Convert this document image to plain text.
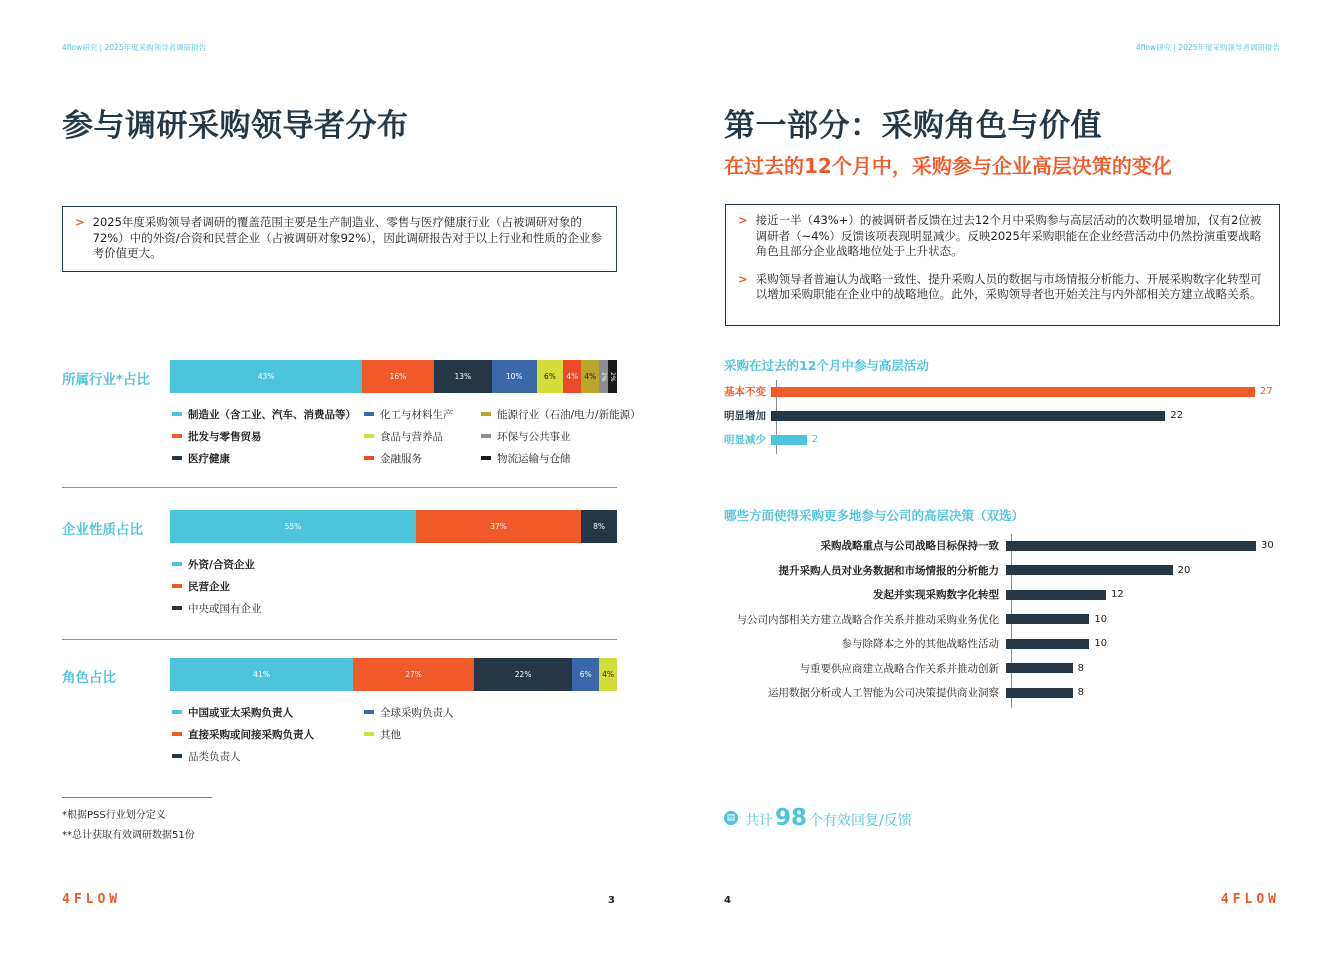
4flow研究 | 2025年度采购领导者调研报告
参与调研采购领导者分布
> 2025年度采购领导者调研的覆盖范围主要是生产制造业、零售与医疗健康行业（占被调研对象的72%）中的外资/合资和民营企业（占被调研对象92%），因此调研报告对于以上行业和性质的企业参考价值更大。
所属行业*占比	43%	16%	13%	10%	6% 4% 4% 2% 2%
制造业（含工业、汽车、消费品等） 化工与材料生产	能源行业（石油/电力/新能源）
批发与零售贸易	食品与营养品	环保与公共事业
医疗健康	金融服务	物流运输与仓储
企业性质占比	55%	37%	8%
外资/合资企业
民营企业
中央或国有企业
角色占比	41%	27%	22%	6% 4%
中国或亚太采购负责人	全球采购负责人
直接采购或间接采购负责人	其他
品类负责人
*根据PSS行业划分定义
**总计获取有效调研数据51份
4FLOW	3
4flow研究 | 2025年度采购领导者调研报告
第一部分：采购角色与价值
在过去的12个月中，采购参与企业高层决策的变化
> 接近一半（43%+）的被调研者反馈在过去12个月中采购参与高层活动的次数明显增加，仅有2位被调研者（~4%）反馈该项表现明显减少。反映2025年采购职能在企业经营活动中仍然扮演重要战略角色且部分企业战略地位处于上升状态。
> 采购领导者普遍认为战略一致性、提升采购人员的数据与市场情报分析能力、开展采购数字化转型可以增加采购职能在企业中的战略地位。此外，采购领导者也开始关注与内外部相关方建立战略关系。
采购在过去的12个月中参与高层活动
基本不变	27
明显增加	22
明显减少	2
哪些方面使得采购更多地参与公司的高层决策（双选）
采购战略重点与公司战略目标保持一致	30
提升采购人员对业务数据和市场情报的分析能力	20
发起并实现采购数字化转型	12
与公司内部相关方建立战略合作关系并推动采购业务优化	10
参与除降本之外的其他战略性活动	10
与重要供应商建立战略合作关系并推动创新	8
运用数据分析或人工智能为公司决策提供商业洞察	8
▤ 共计 98 个有效回复/反馈
4FLOW
4
